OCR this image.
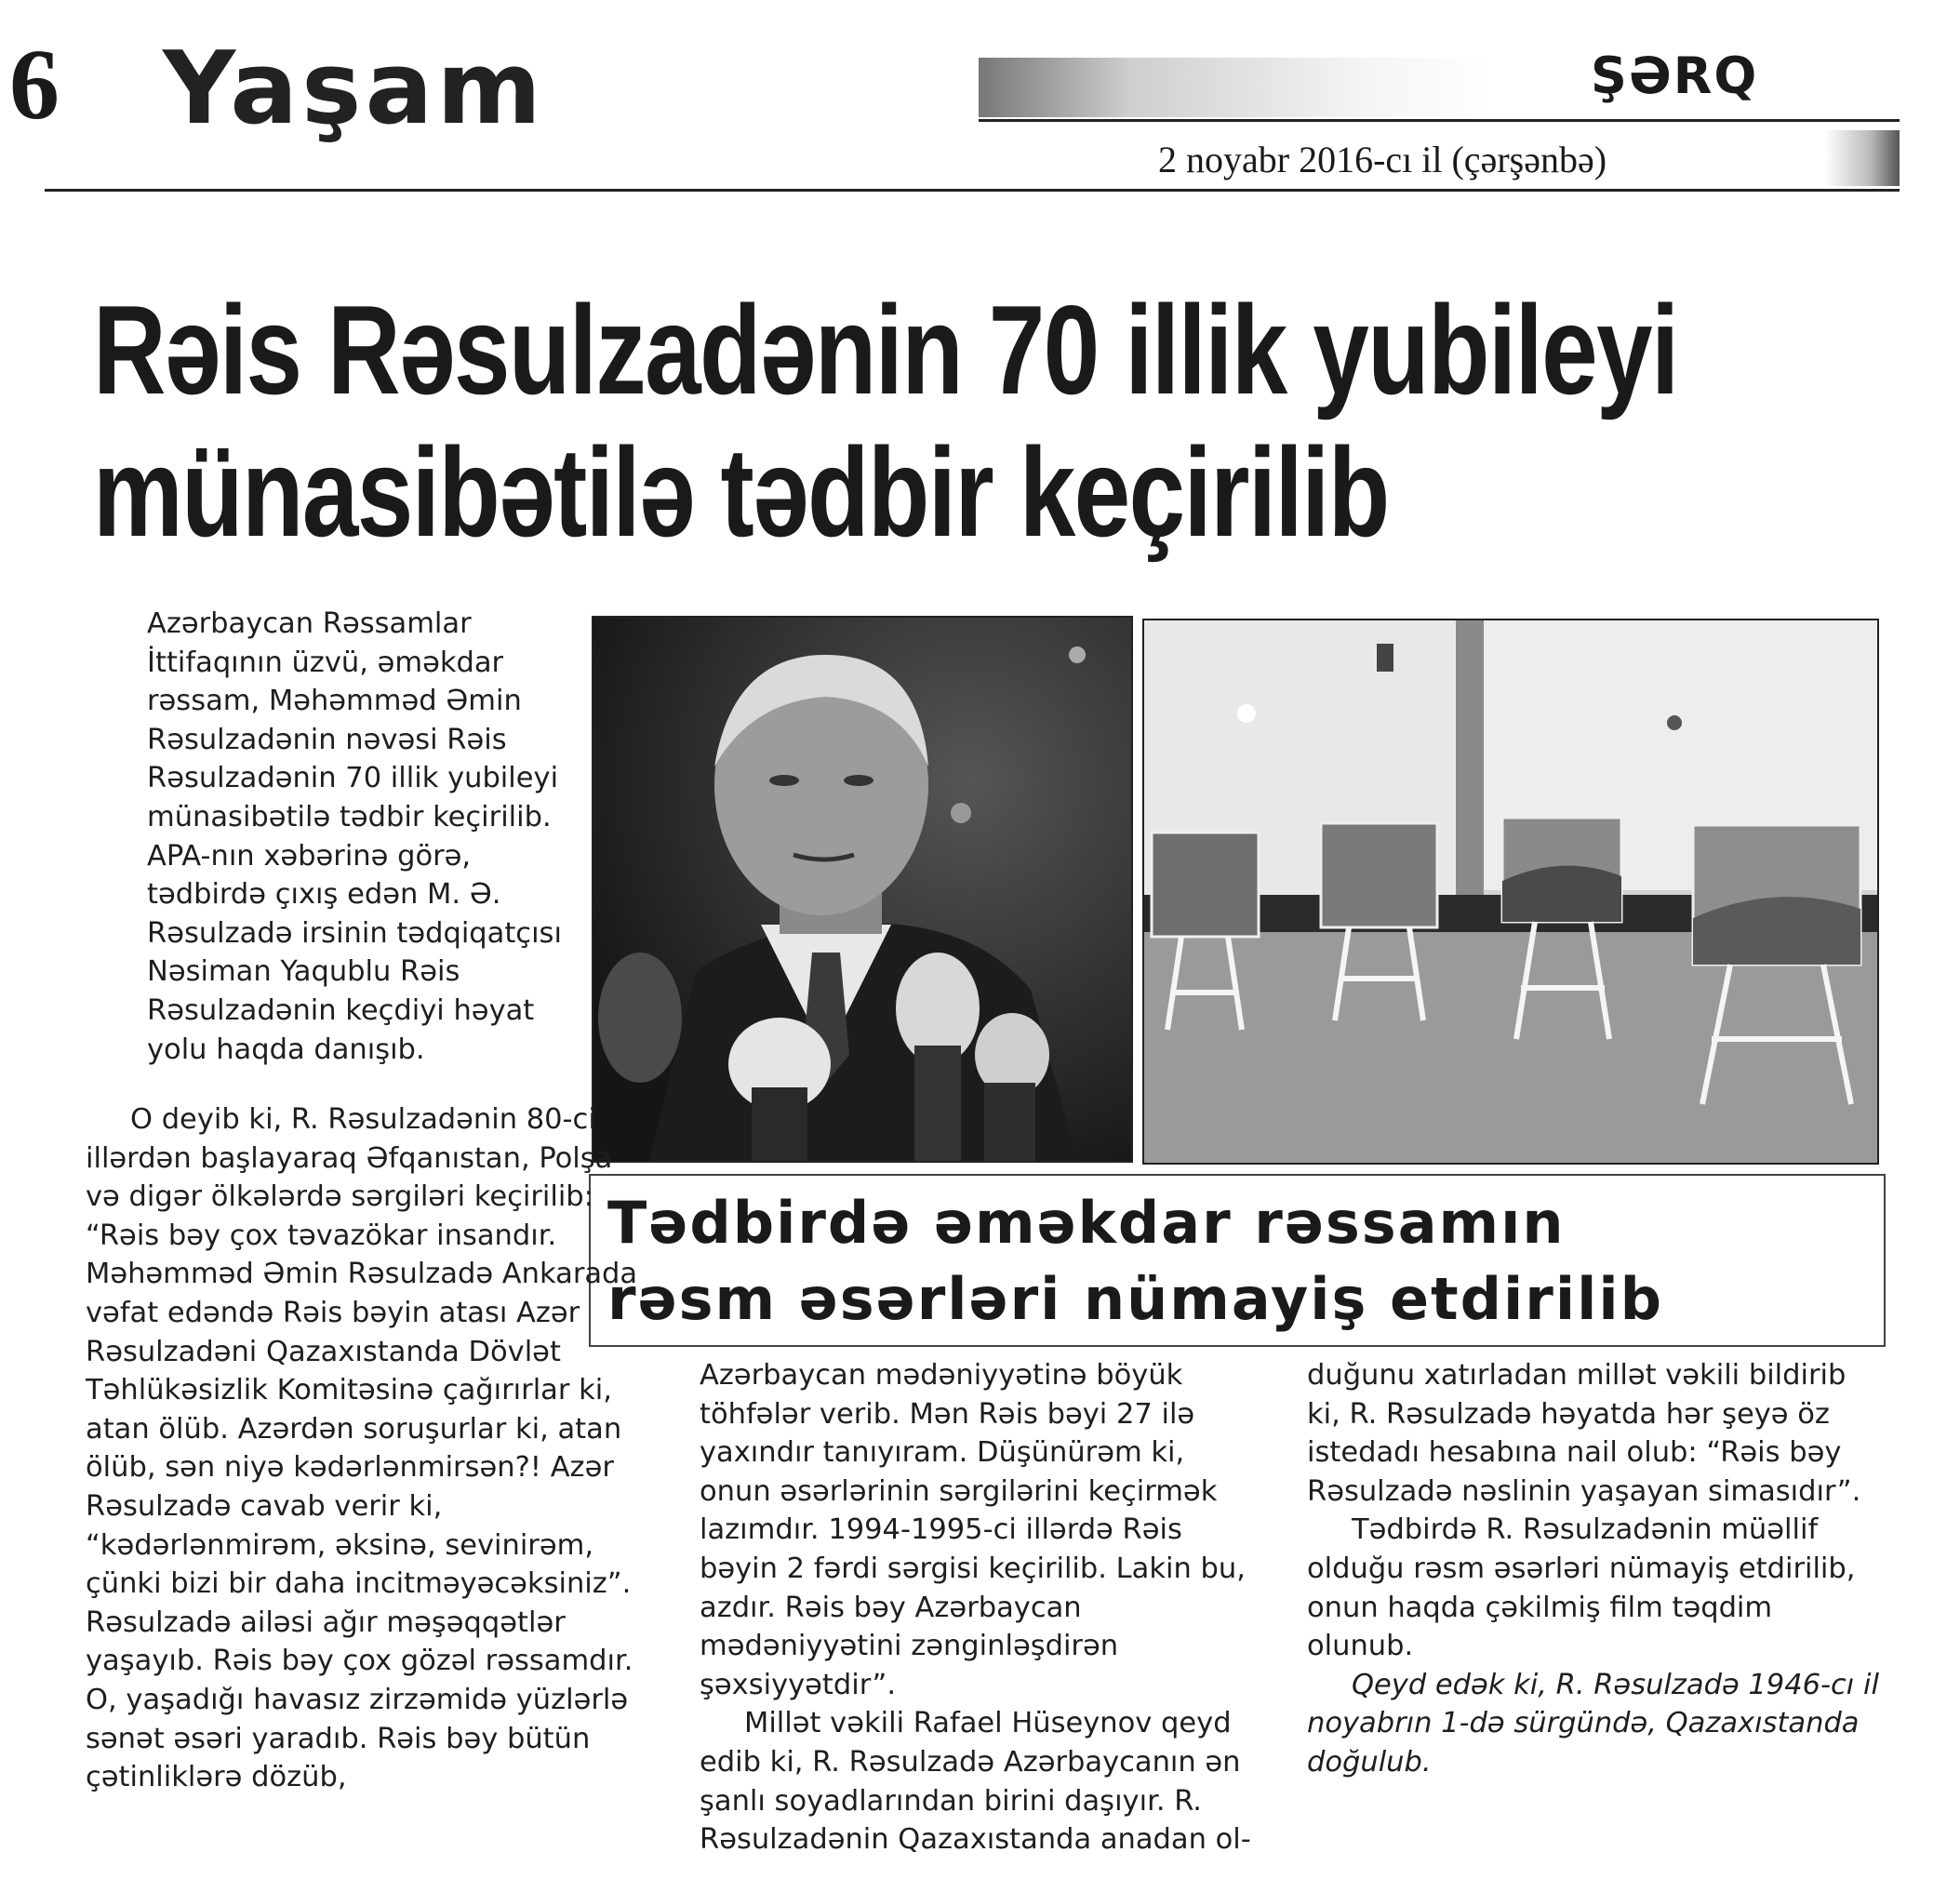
6 Yaşam	ŞƏRQ
2 noyabr 2016-cı il (çərşənbə)
Rəis Rəsulzadənin 70 illik yubileyi
münasibətilə tədbir keçirilib

Azərbaycan Rəssamlar İttifaqının üzvü, əməkdar rəssam, Məhəmməd Əmin Rəsulzadənin nəvəsi Rəis Rəsulzadənin 70 illik yubileyi münasibətilə tədbir keçirilib. APA-nın xəbərinə görə, tədbirdə çıxış edən M. Ə. Rəsulzadə irsinin tədqiqatçısı Nəsiman Yaqublu Rəis Rəsulzadənin keçdiyi həyat yolu haqda danışıb.

Tədbirdə əməkdar rəssamın
rəsm əsərləri nümayiş etdirilib

O deyib ki, R. Rəsulzadənin 80-ci illərdən başlayaraq Əfqanıstan, Polşa və digər ölkələrdə sərgiləri keçirilib: “Rəis bəy çox təvazökar insandır. Məhəmməd Əmin Rəsulzadə Ankarada vəfat edəndə Rəis bəyin atası Azər Rəsulzadəni Qazaxıstanda Dövlət Təhlükəsizlik Komitəsinə çağırırlar ki, atan ölüb. Azərdən soruşurlar ki, atan ölüb, sən niyə kədərlənmirsən?! Azər Rəsulzadə cavab verir ki, “kədərlənmirəm, əksinə, sevinirəm, çünki bizi bir daha incitməyəcəksiniz”. Rəsulzadə ailəsi ağır məşəqqətlər yaşayıb. Rəis bəy çox gözəl rəssamdır. O, yaşadığı havasız zirzəmidə yüzlərlə sənət əsəri yaradıb. Rəis bəy bütün çətinliklərə dözüb,

Azərbaycan mədəniyyətinə böyük töhfələr verib. Mən Rəis bəyi 27 ilə yaxındır tanıyıram. Düşünürəm ki, onun əsərlərinin sərgilərini keçirmək lazımdır. 1994-1995-ci illərdə Rəis bəyin 2 fərdi sərgisi keçirilib. Lakin bu, azdır. Rəis bəy Azərbaycan mədəniyyətini zənginləşdirən şəxsiyyətdir”.

Millət vəkili Rafael Hüseynov qeyd edib ki, R. Rəsulzadə Azərbaycanın ən şanlı soyadlarından birini daşıyır. R. Rəsulzadənin Qazaxıstanda anadan ol-

duğunu xatırladan millət vəkili bildirib ki, R. Rəsulzadə həyatda hər şeyə öz istedadı hesabına nail olub: “Rəis bəy Rəsulzadə nəslinin yaşayan simasıdır”.

Tədbirdə R. Rəsulzadənin müəllif olduğu rəsm əsərləri nümayiş etdirilib, onun haqda çəkilmiş film təqdim olunub.

Qeyd edək ki, R. Rəsulzadə 1946-cı il noyabrın 1-də sürgündə, Qazaxıstanda doğulub.
